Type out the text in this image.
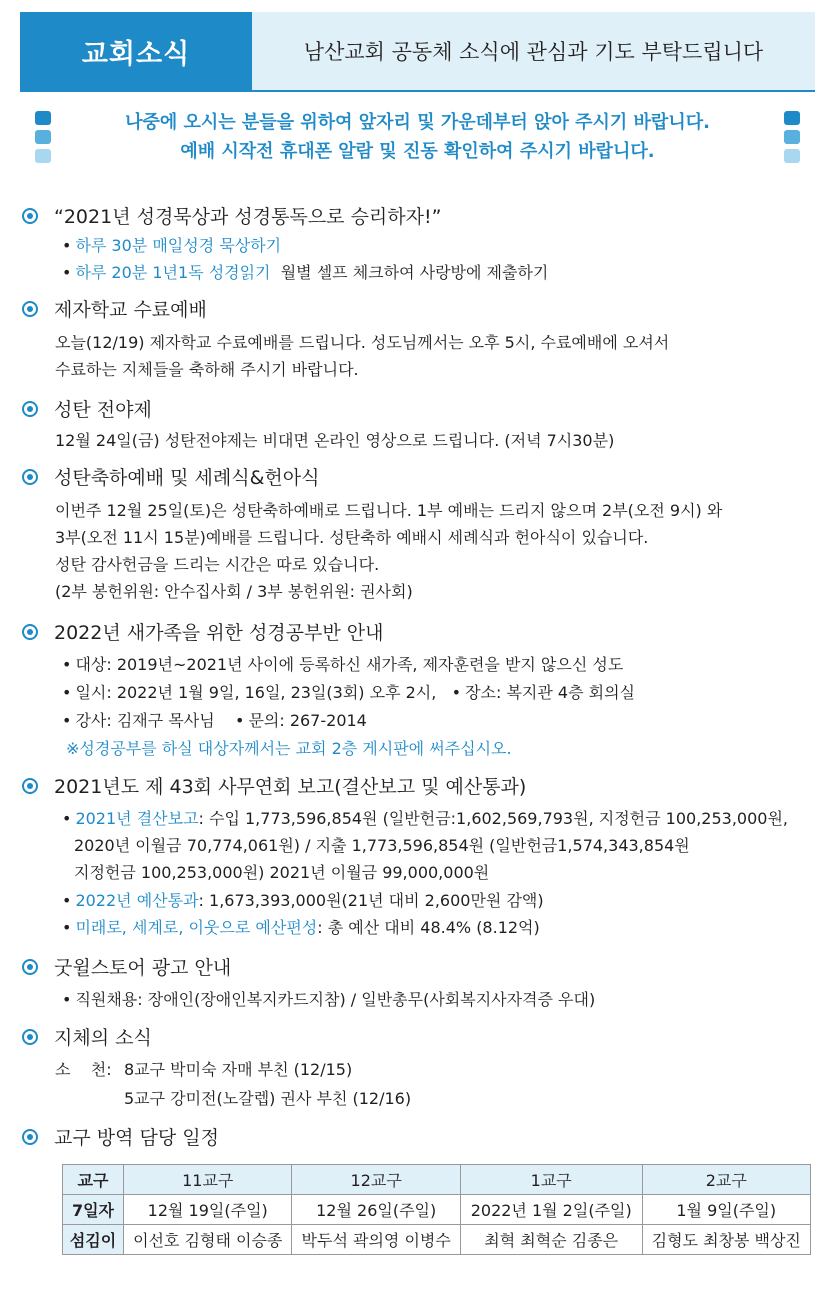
교회소식	남산교회 공동체 소식에 관심과 기도 부탁드립니다
나중에 오시는 분들을 위하여 앞자리 및 가운데부터 앉아 주시기 바랍니다.
예배 시작전 휴대폰 알람 및 진동 확인하여 주시기 바랍니다.
“2021년 성경묵상과 성경통독으로 승리하자!”
• 하루 30분 매일성경 묵상하기
• 하루 20분 1년1독 성경읽기 월별 셀프 체크하여 사랑방에 제출하기
제자학교 수료예배
오늘(12/19) 제자학교 수료예배를 드립니다. 성도님께서는 오후 5시, 수료예배에 오셔서
수료하는 지체들을 축하해 주시기 바랍니다.
성탄 전야제
12월 24일(금) 성탄전야제는 비대면 온라인 영상으로 드립니다. (저녁 7시30분)
성탄축하예배 및 세례식&헌아식
이번주 12월 25일(토)은 성탄축하예배로 드립니다. 1부 예배는 드리지 않으며 2부(오전 9시) 와
3부(오전 11시 15분)예배를 드립니다. 성탄축하 예배시 세례식과 헌아식이 있습니다.
성탄 감사헌금을 드리는 시간은 따로 있습니다.
(2부 봉헌위원: 안수집사회 / 3부 봉헌위원: 권사회)
2022년 새가족을 위한 성경공부반 안내
• 대상: 2019년~2021년 사이에 등록하신 새가족, 제자훈련을 받지 않으신 성도
• 일시: 2022년 1월 9일, 16일, 23일(3회) 오후 2시, • 장소: 복지관 4층 회의실
• 강사: 김재구 목사님 • 문의: 267-2014
※성경공부를 하실 대상자께서는 교회 2층 게시판에 써주십시오.
2021년도 제 43회 사무연회 보고(결산보고 및 예산통과)
• 2021년 결산보고: 수입 1,773,596,854원 (일반헌금:1,602,569,793원, 지정헌금 100,253,000원,
2020년 이월금 70,774,061원) / 지출 1,773,596,854원 (일반헌금1,574,343,854원
지정헌금 100,253,000원) 2021년 이월금 99,000,000원
• 2022년 예산통과: 1,673,393,000원(21년 대비 2,600만원 감액)
• 미래로, 세계로, 이웃으로 예산편성: 총 예산 대비 48.4% (8.12억)
굿윌스토어 광고 안내
• 직원채용: 장애인(장애인복지카드지참) / 일반총무(사회복지사자격증 우대)
지체의 소식
소    천: 8교구 박미숙 자매 부친 (12/15)
5교구 강미전(노갈렙) 권사 부친 (12/16)
교구 방역 담당 일정
교구	11교구	12교구	1교구	2교구
7일자	12월 19일(주일)	12월 26일(주일)	2022년 1월 2일(주일)	1월 9일(주일)
섬김이	이선호 김형태 이승종	박두석 곽의영 이병수	최혁 최혁순 김종은	김형도 최창봉 백상진
